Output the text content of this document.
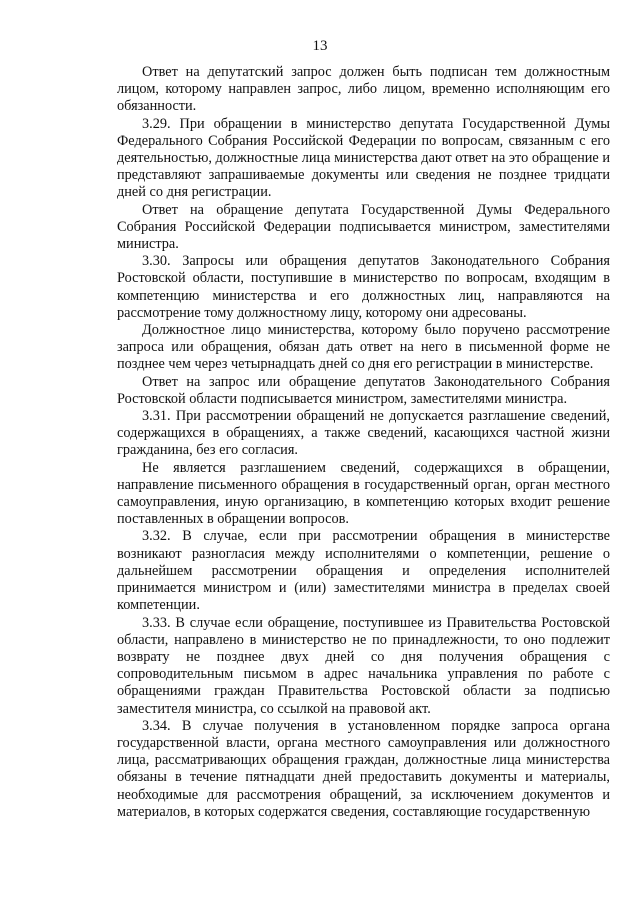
13

Ответ на депутатский запрос должен быть подписан тем должностным лицом, которому направлен запрос, либо лицом, временно исполняющим его обязанности.

3.29. При обращении в министерство депутата Государственной Думы Федерального Собрания Российской Федерации по вопросам, связанным с его деятельностью, должностные лица министерства дают ответ на это обращение и представляют запрашиваемые документы или сведения не позднее тридцати дней со дня регистрации.

Ответ на обращение депутата Государственной Думы Федерального Собрания Российской Федерации подписывается министром, заместителями министра.

3.30. Запросы или обращения депутатов Законодательного Собрания Ростовской области, поступившие в министерство по вопросам, входящим в компетенцию министерства и его должностных лиц, направляются на рассмотрение тому должностному лицу, которому они адресованы.

Должностное лицо министерства, которому было поручено рассмотрение запроса или обращения, обязан дать ответ на него в письменной форме не позднее чем через четырнадцать дней со дня его регистрации в министерстве.

Ответ на запрос или обращение депутатов Законодательного Собрания Ростовской области подписывается министром, заместителями министра.

3.31. При рассмотрении обращений не допускается разглашение сведений, содержащихся в обращениях, а также сведений, касающихся частной жизни гражданина, без его согласия.

Не является разглашением сведений, содержащихся в обращении, направление письменного обращения в государственный орган, орган местного самоуправления, иную организацию, в компетенцию которых входит решение поставленных в обращении вопросов.

3.32. В случае, если при рассмотрении обращения в министерстве возникают разногласия между исполнителями о компетенции, решение о дальнейшем рассмотрении обращения и определения исполнителей принимается министром и (или) заместителями министра в пределах своей компетенции.

3.33. В случае если обращение, поступившее из Правительства Ростовской области, направлено в министерство не по принадлежности, то оно подлежит возврату не позднее двух дней со дня получения обращения с сопроводительным письмом в адрес начальника управления по работе с обращениями граждан Правительства Ростовской области за подписью заместителя министра, со ссылкой на правовой акт.

3.34. В случае получения в установленном порядке запроса органа государственной власти, органа местного самоуправления или должностного лица, рассматривающих обращения граждан, должностные лица министерства обязаны в течение пятнадцати дней предоставить документы и материалы, необходимые для рассмотрения обращений, за исключением документов и материалов, в которых содержатся сведения, составляющие государственную
